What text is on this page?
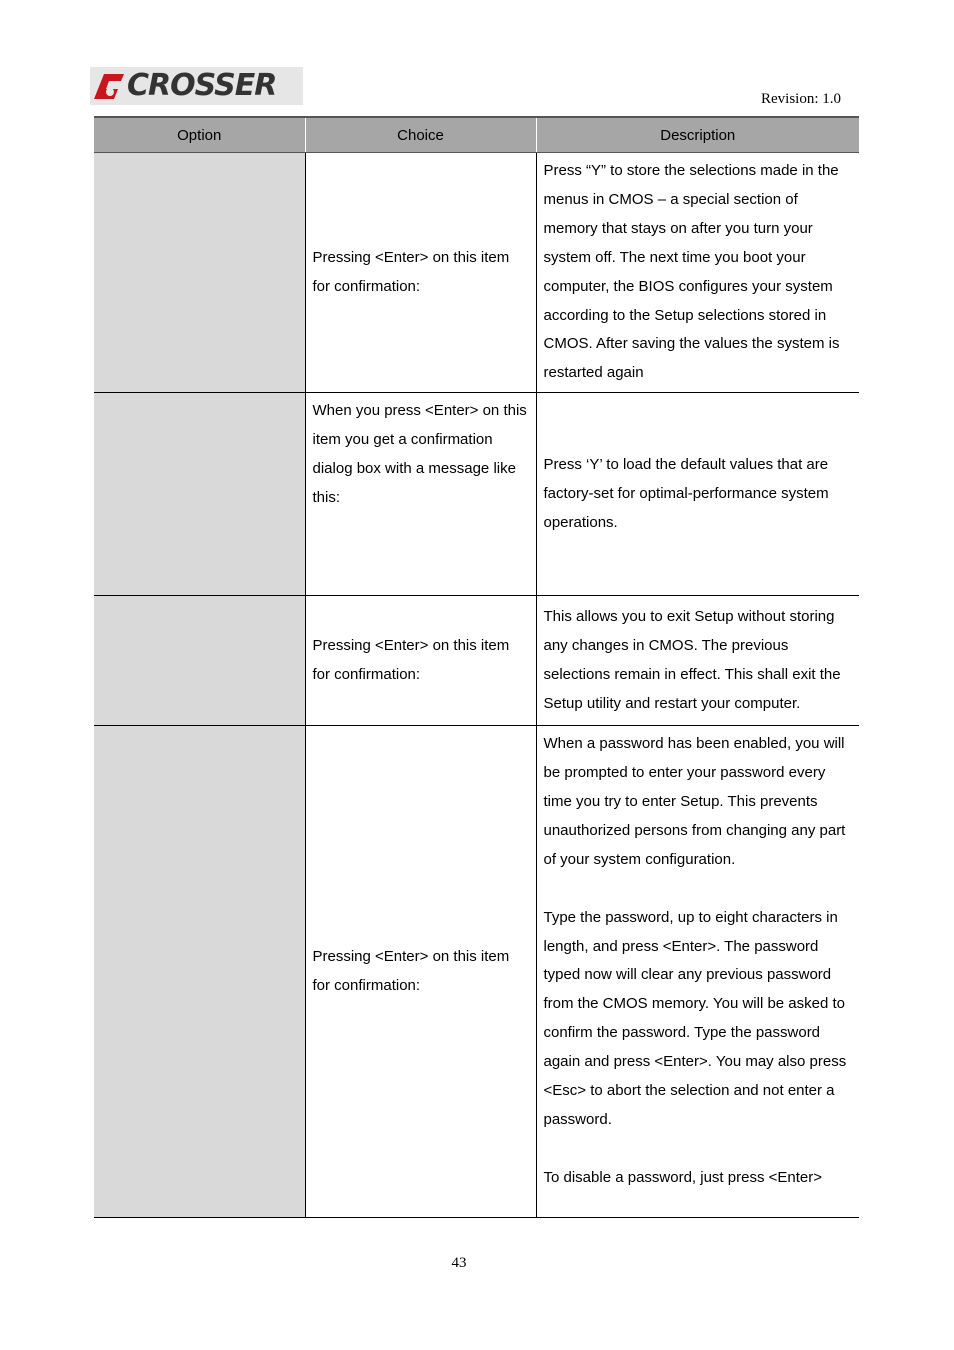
CROSSER	Revision: 1.0
Option	Choice	Description

	Pressing <Enter> on this item for confirmation:	Press “Y” to store the selections made in the menus in CMOS – a special section of memory that stays on after you turn your system off. The next time you boot your computer, the BIOS configures your system according to the Setup selections stored in CMOS. After saving the values the system is restarted again

	When you press <Enter> on this item you get a confirmation dialog box with a message like this:	Press ‘Y’ to load the default values that are factory-set for optimal-performance system operations.

	Pressing <Enter> on this item for confirmation:	This allows you to exit Setup without storing any changes in CMOS. The previous selections remain in effect. This shall exit the Setup utility and restart your computer.

	Pressing <Enter> on this item for confirmation:	When a password has been enabled, you will be prompted to enter your password every time you try to enter Setup. This prevents unauthorized persons from changing any part of your system configuration.
Type the password, up to eight characters in length, and press <Enter>. The password typed now will clear any previous password from the CMOS memory. You will be asked to confirm the password. Type the password again and press <Enter>. You may also press <Esc> to abort the selection and not enter a password.
To disable a password, just press <Enter>
43
